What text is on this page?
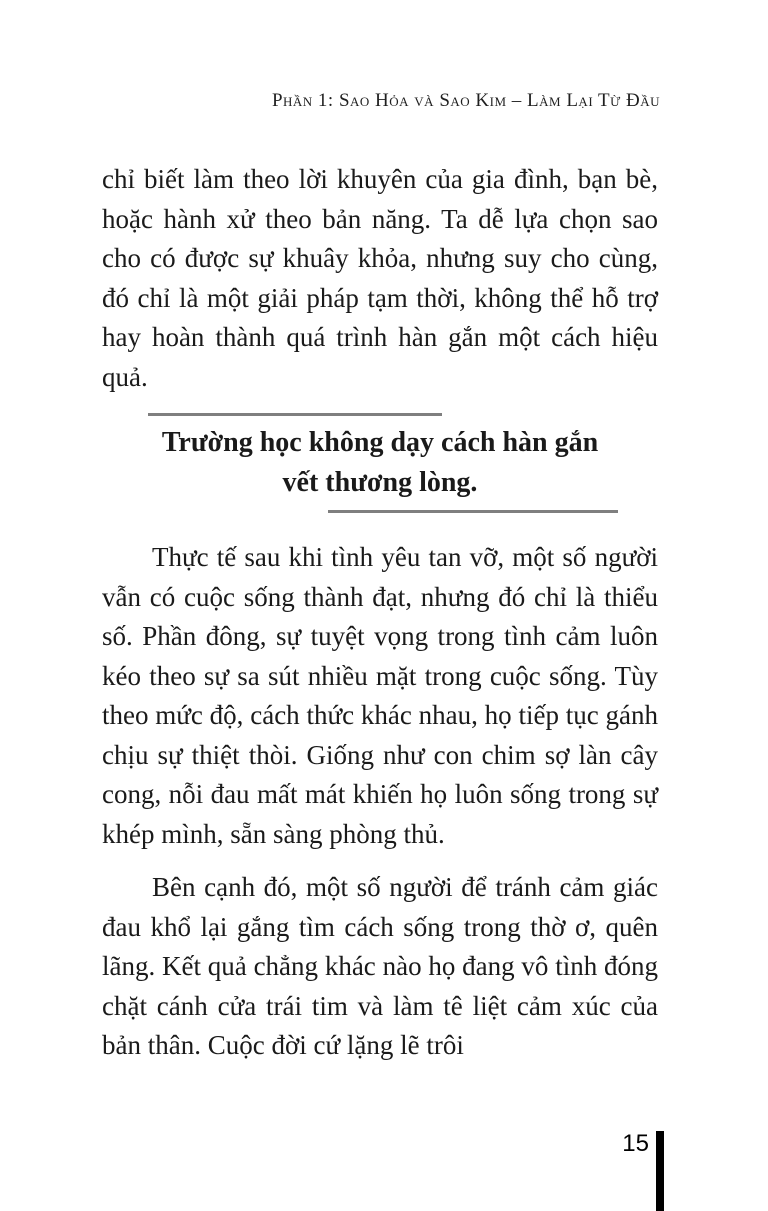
Phần 1: Sao Hỏa và Sao Kim – Làm Lại Từ Đầu

chỉ biết làm theo lời khuyên của gia đình, bạn bè, hoặc hành xử theo bản năng. Ta dễ lựa chọn sao cho có được sự khuây khỏa, nhưng suy cho cùng, đó chỉ là một giải pháp tạm thời, không thể hỗ trợ hay hoàn thành quá trình hàn gắn một cách hiệu quả.

Trường học không dạy cách hàn gắn
vết thương lòng.

Thực tế sau khi tình yêu tan vỡ, một số người vẫn có cuộc sống thành đạt, nhưng đó chỉ là thiểu số. Phần đông, sự tuyệt vọng trong tình cảm luôn kéo theo sự sa sút nhiều mặt trong cuộc sống. Tùy theo mức độ, cách thức khác nhau, họ tiếp tục gánh chịu sự thiệt thòi. Giống như con chim sợ làn cây cong, nỗi đau mất mát khiến họ luôn sống trong sự khép mình, sẵn sàng phòng thủ.

Bên cạnh đó, một số người để tránh cảm giác đau khổ lại gắng tìm cách sống trong thờ ơ, quên lãng. Kết quả chẳng khác nào họ đang vô tình đóng chặt cánh cửa trái tim và làm tê liệt cảm xúc của bản thân. Cuộc đời cứ lặng lẽ trôi

15
